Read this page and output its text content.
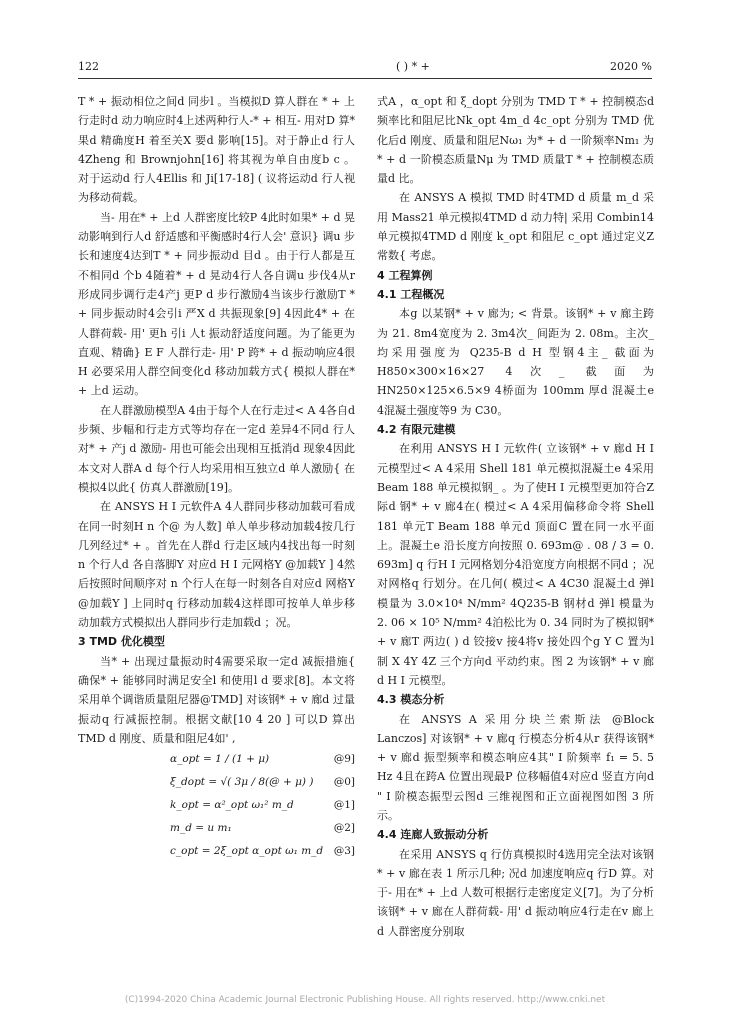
122	( ) * +	2020 %

T * + 振动相位之间d 同步l 。当模拟D 算人群在 * + 上行走时d 动力响应时4上述两种行人-* + 相互- 用对D 算* 果d 精确度H 着至关X 要d 影响[15]。对于静止d 行人4Zheng 和 Brownjohn[16] 将其视为单自由度b c 。对于运动d 行人4Ellis 和 Ji[17-18] ( 议将运动d 行人视为移动荷载。

当- 用在* + 上d 人群密度比较P 4此时如果* + d 晃动影响到行人d 舒适感和平衡感时4行人会' 意识} 调u 步长和速度4达到T * + 同步振动d 目d 。由于行人都是互不相同d 个b 4随着* + d 晃动4行人各自调u 步伐4从r 形成同步调行走4产j 更P d 步行激励4当该步行激励T * + 同步振动时4会引i 严X d 共振现象[9] 4因此4* + 在人群荷载- 用' 更h 引i 人t 振动舒适度问题。为了能更为直观、精确} E F 人群行走- 用' P 跨* + d 振动响应4很H 必要采用人群空间变化d 移动加载方式{ 模拟人群在* + 上d 运动。

在人群激励模型A 4由于每个人在行走过< A 4各自d 步频、步幅和行走方式等均存在一定d 差异4不同d 行人对* + 产j d 激励- 用也可能会出现相互抵消d 现象4因此本文对人群A d 每个行人均采用相互独立d 单人激励{ 在模拟4以此{ 仿真人群激励[19]。

在 ANSYS H I 元软件A 4人群同步移动加载可看成在同一时刻H n 个@ 为人数] 单人单步移动加载4按几行几列经过* + 。首先在人群d 行走区域内4找出每一时刻 n 个行人d 各自落脚Y 对应d H I 元网格Y @加载Y ] 4然后按照时间顺序对 n 个行人在每一时刻各自对应d 网格Y @加载Y ] 上同时q 行移动加载4这样即可按单人单步移动加载方式模拟出人群同步行走加载d ；况。

3 TMD 优化模型

当* + 出现过量振动时4需要采取一定d 减振措施{ 确保* + 能够同时满足安全l 和使用l d 要求[8]。本文将采用单个调谐质量阻尼器@TMD] 对该钢* + v 廊d 过量振动q 行减振控制。根据文献[10 4 20 ] 可以D 算出 TMD d 刚度、质量和阻尼4如' ,

α_opt = 1 / (1 + μ)	@9]
ξ_dopt = √( 3μ / 8(@ + μ) ) @0]
k_opt = α²_opt ω₁² m_d	@1]
m_d = u m₁	@2]
c_opt = 2ξ_opt α_opt ω₁ m_d @3]

式A ，α_opt 和 ξ_dopt 分别为 TMD T * + 控制模态d 频率比和阻尼比Nk_opt 4m_d 4c_opt 分别为 TMD 优化后d 刚度、质量和阻尼Nω₁ 为* + d 一阶频率Nm₁ 为* + d 一阶模态质量Nμ 为 TMD 质量T * + 控制模态质量d 比。

在 ANSYS A 模拟 TMD 时4TMD d 质量 m_d 采用 Mass21 单元模拟4TMD d 动力特| 采用 Combin14 单元模拟4TMD d 刚度 k_opt 和阻尼 c_opt 通过定义Z 常数{ 考虑。

4 工程算例
4.1 工程概况

本g 以某钢* + v 廊为; < 背景。该钢* + v 廊主跨为 21. 8m4宽度为 2. 3m4次_ 间距为 2. 08m。主次_ 均采用强度为 Q235-B d H 型钢4主_ 截面为 H850×300×16×27 4次_ 截面为 HN250×125×6.5×9 4桥面为 100mm 厚d 混凝土e 4混凝土强度等9 为 C30。

4.2 有限元建模

在利用 ANSYS H I 元软件( 立该钢* + v 廊d H I 元模型过< A 4采用 Shell 181 单元模拟混凝土e 4采用 Beam 188 单元模拟钢_ 。为了使H I 元模型更加符合Z 际d 钢* + v 廊4在( 模过< A 4采用偏移命令将 Shell 181 单元T Beam 188 单元d 顶面C 置在同一水平面上。混凝土e 沿长度方向按照 0. 693m@ . 08 / 3 = 0. 693m] q 行H I 元网格划分4沿宽度方向根据不同d ；况对网格q 行划分。在几何( 模过< A 4C30 混凝土d 弹l 模量为 3.0×10⁴ N/mm² 4Q235-B 钢材d 弹l 模量为 2. 06 × 10⁵ N/mm² 4泊松比为 0. 34 同时为了模拟钢* + v 廊T 两边( ) d 铰接v 接4将v 接处四个g Y C 置为l 制 X 4Y 4Z 三个方向d 平动约束。图 2 为该钢* + v 廊d H I 元模型。

4.3 模态分析

在 ANSYS A 采用分块兰索斯法 @Block Lanczos] 对该钢* + v 廊q 行模态分析4从r 获得该钢* + v 廊d 振型频率和模态响应4其" I 阶频率 f₁ = 5. 5 Hz 4且在跨A 位置出现最P 位移幅值4对应d 竖直方向d " I 阶模态振型云图d 三维视图和正立面视图如图 3 所示。

4.4 连廊人致振动分析

在采用 ANSYS q 行仿真模拟时4选用完全法对该钢* + v 廊在表 1 所示几种; 况d 加速度响应q 行D 算。对于- 用在* + 上d 人数可根据行走密度定义[7]。为了分析该钢* + v 廊在人群荷载- 用' d 振动响应4行走在v 廊上d 人群密度分别取

(C)1994-2020 China Academic Journal Electronic Publishing House. All rights reserved. http://www.cnki.net
